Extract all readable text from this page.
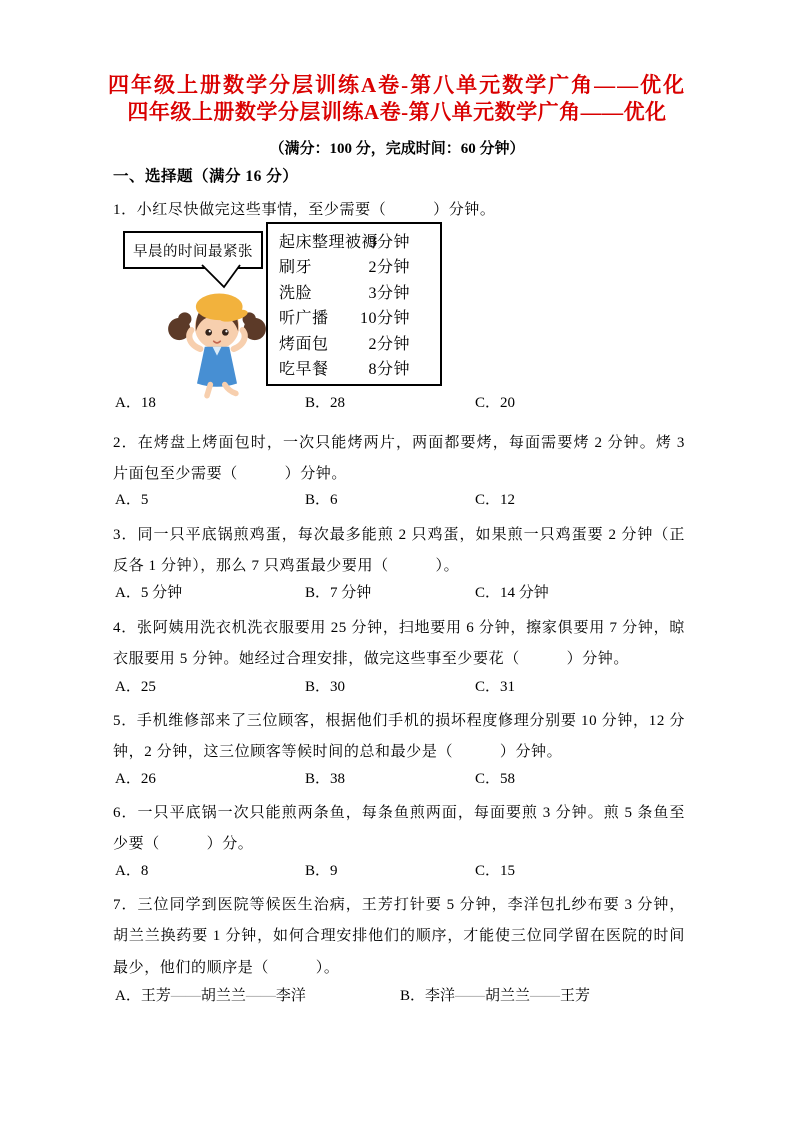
四年级上册数学分层训练A卷-第八单元数学广角——优化
四年级上册数学分层训练A卷-第八单元数学广角——优化
（满分：100 分，完成时间：60 分钟）
一、选择题（满分 16 分）

1．小红尽快做完这些事情，至少需要（　　　）分钟。

早晨的时间最紧张
起床整理被褥
3分钟
刷牙	2分钟
洗脸	3分钟
听广播	10分钟
烤面包	2分钟
吃早餐	8分钟
A．18	B．28	C．20

2．在烤盘上烤面包时，一次只能烤两片，两面都要烤，每面需要烤 2 分钟。烤 3 片面包至少需要（　　　）分钟。

A．5	B．6	C．12

3．同一只平底锅煎鸡蛋，每次最多能煎 2 只鸡蛋，如果煎一只鸡蛋要 2 分钟（正反各 1 分钟），那么 7 只鸡蛋最少要用（　　　）。

A．5 分钟	B．7 分钟	C．14 分钟

4．张阿姨用洗衣机洗衣服要用 25 分钟，扫地要用 6 分钟，擦家俱要用 7 分钟，晾衣服要用 5 分钟。她经过合理安排，做完这些事至少要花（　　　）分钟。

A．25	B．30	C．31

5．手机维修部来了三位顾客，根据他们手机的损坏程度修理分别要 10 分钟，12 分钟，2 分钟，这三位顾客等候时间的总和最少是（　　　）分钟。

A．26	B．38	C．58

6．一只平底锅一次只能煎两条鱼，每条鱼煎两面，每面要煎 3 分钟。煎 5 条鱼至少要（　　　）分。

A．8	B．9	C．15

7．三位同学到医院等候医生治病，王芳打针要 5 分钟，李洋包扎纱布要 3 分钟，胡兰兰换药要 1 分钟，如何合理安排他们的顺序，才能使三位同学留在医院的时间最少，他们的顺序是（　　　）。

A．王芳——胡兰兰——李洋	B．李洋——胡兰兰——王芳
